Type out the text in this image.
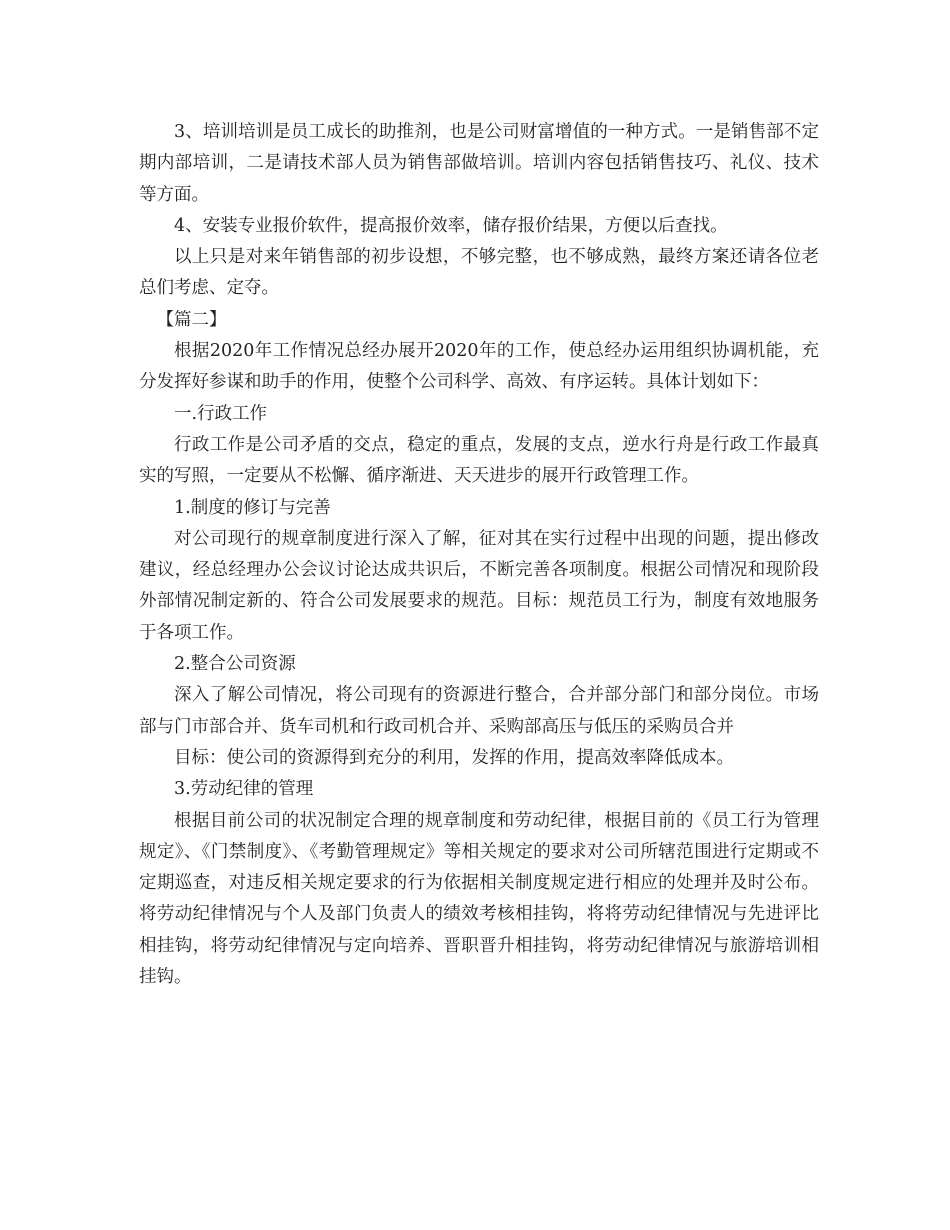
3、培训培训是员工成长的助推剂，也是公司财富增值的一种方式。一是销售部不定期内部培训，二是请技术部人员为销售部做培训。培训内容包括销售技巧、礼仪、技术等方面。

4、安装专业报价软件，提高报价效率，储存报价结果，方便以后查找。

以上只是对来年销售部的初步设想，不够完整，也不够成熟，最终方案还请各位老总们考虑、定夺。

【篇二】

根据2020年工作情况总经办展开2020年的工作，使总经办运用组织协调机能，充分发挥好参谋和助手的作用，使整个公司科学、高效、有序运转。具体计划如下：

一.行政工作

行政工作是公司矛盾的交点，稳定的重点，发展的支点，逆水行舟是行政工作最真实的写照，一定要从不松懈、循序渐进、天天进步的展开行政管理工作。

1.制度的修订与完善

对公司现行的规章制度进行深入了解，征对其在实行过程中出现的问题，提出修改建议，经总经理办公会议讨论达成共识后，不断完善各项制度。根据公司情况和现阶段外部情况制定新的、符合公司发展要求的规范。目标：规范员工行为，制度有效地服务于各项工作。

2.整合公司资源

深入了解公司情况，将公司现有的资源进行整合，合并部分部门和部分岗位。市场部与门市部合并、货车司机和行政司机合并、采购部高压与低压的采购员合并

目标：使公司的资源得到充分的利用，发挥的作用，提高效率降低成本。

3.劳动纪律的管理

根据目前公司的状况制定合理的规章制度和劳动纪律，根据目前的《员工行为管理规定》、《门禁制度》、《考勤管理规定》等相关规定的要求对公司所辖范围进行定期或不定期巡查，对违反相关规定要求的行为依据相关制度规定进行相应的处理并及时公布。将劳动纪律情况与个人及部门负责人的绩效考核相挂钩，将将劳动纪律情况与先进评比相挂钩，将劳动纪律情况与定向培养、晋职晋升相挂钩，将劳动纪律情况与旅游培训相挂钩。
